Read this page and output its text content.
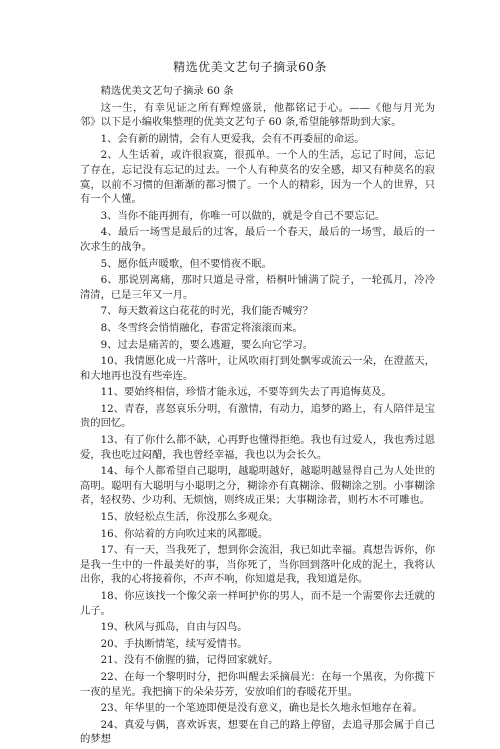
精选优美文艺句子摘录60条

精选优美文艺句子摘录 60 条

这一生，有幸见证之所有辉煌盛景，他都铭记于心。——《他与月光为邻》以下是小编收集整理的优美文艺句子 60 条,希望能够帮助到大家。

1、会有新的剧情，会有人更爱我，会有不再委屈的命运。

2、人生话着，或许很寂寞，很孤单。一个人的生活，忘记了时间，忘记了存在，忘记没有忘记的过去。一个人有种莫名的安全感，却又有种莫名的寂寞，以前不习惯的但渐渐的都习惯了。一个人的精彩，因为一个人的世界，只有一个人懂。

3、当你不能再拥有，你唯一可以做的，就是令自己不要忘记。

4、最后一场雪是最后的过客，最后一个春天，最后的一场雪，最后的一次求生的战争。

5、愿你低声暖歌，但不要悄夜不眠。

6、那说别离痛，那时只道是寻常，梧桐叶铺满了院子，一轮孤月，冷冷清清，已是三年又一月。

7、每天数着这白花花的时光，我们能否喊穷？

8、冬雪终会悄悄融化，春雷定将滚滚而来。

9、过去是痛苦的，要么逃避，要么向它学习。

10、我情愿化成一片落叶，让风吹雨打到处飘零或流云一朵，在澄蓝天，和大地再也没有些牵连。

11、要始终相信，珍惜才能永远，不要等到失去了再追悔莫及。

12、青春，喜怒哀乐分明，有激情，有动力，追梦的路上，有人陪伴是宝贵的回忆。

13、有了你什么都不缺，心再野也懂得拒绝。我也有过爱人，我也秀过恩爱，我也吃过闷醋，我也曾经幸福，我也以为会长久。

14、每个人都希望自己聪明，越聪明越好，越聪明越显得自己为人处世的高明。聪明有大聪明与小聪明之分，糊涂亦有真糊涂、假糊涂之别。小事糊涂者，轻权势、少功利、无烦恼，则终成正果；大事糊涂者，则朽木不可雕也。

15、放轻松点生活，你没那么多观众。

16、你站着的方向吹过来的风都暖。

17、有一天，当我死了，想到你会流泪，我已如此幸福。真想告诉你，你是我一生中的一件最美好的事，当你死了，当你回到落叶化成的泥土，我将认出你，我的心将接着你，不声不响，你知道是我，我知道是你。

18、你应该找一个像父亲一样呵护你的男人，而不是一个需要你去迁就的儿子。

19、秋风与孤岛，自由与囚鸟。

20、手执断情笔，续写爱情书。

21、没有不偷腥的猫，记得回家就好。

22、在每一个黎明时分，把你叫醒去采摘晨光：在每一个黑夜，为你揽下一夜的星光。我把摘下的朵朵芬芳，安放咱们的春暖花开里。

23、年华里的一个笔迹即便是没有意义，确也是长久地永恒地存在着。

24、真爱与偶，喜欢诉衷，想要在自己的路上停留，去追寻那会属于自己的梦想
